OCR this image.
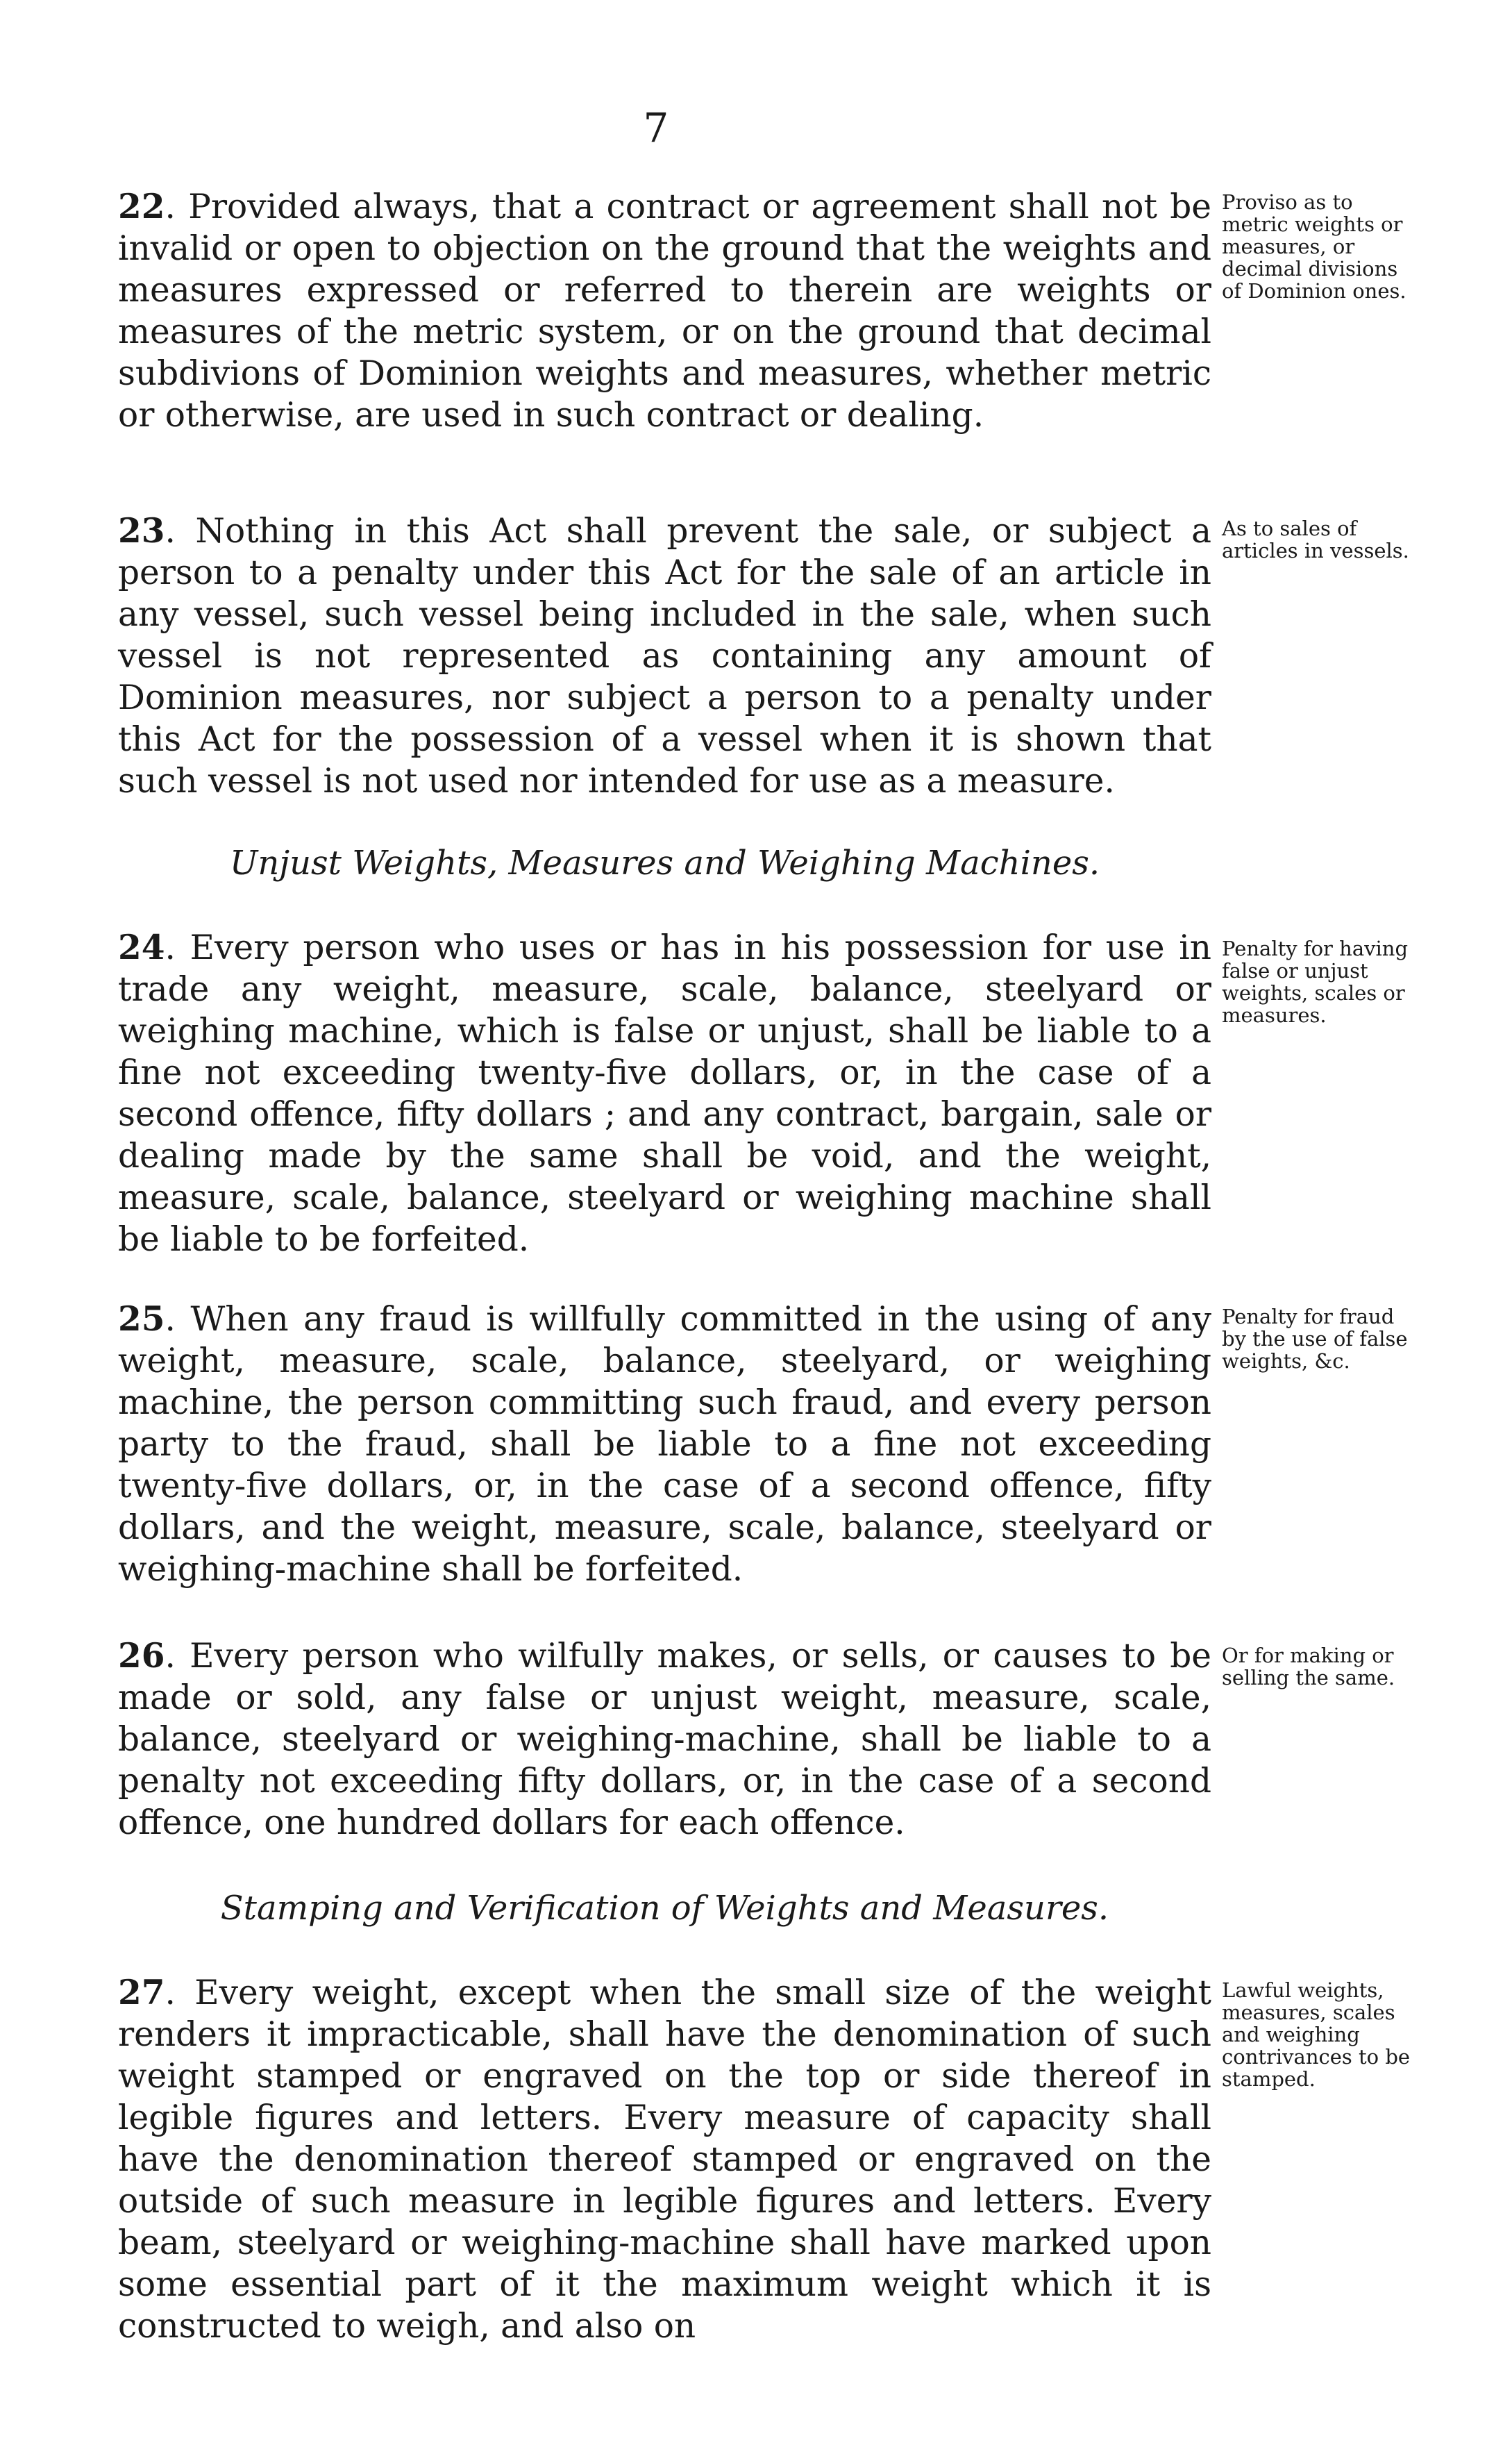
7
22. Provided always, that a contract or agreement shall not be invalid or open to objection on the ground that the weights and measures expressed or referred to therein are weights or measures of the metric system, or on the ground that decimal subdivions of Dominion weights and measures, whether metric or otherwise, are used in such contract or dealing.
Proviso as to metric weights or measures, or decimal divisions of Dominion ones.
23. Nothing in this Act shall prevent the sale, or subject a person to a penalty under this Act for the sale of an article in any vessel, such vessel being included in the sale, when such vessel is not represented as containing any amount of Dominion measures, nor subject a person to a penalty under this Act for the possession of a vessel when it is shown that such vessel is not used nor intended for use as a measure.
As to sales of articles in vessels.
Unjust Weights, Measures and Weighing Machines.
24. Every person who uses or has in his possession for use in trade any weight, measure, scale, balance, steelyard or weighing machine, which is false or unjust, shall be liable to a fine not exceeding twenty-five dollars, or, in the case of a second offence, fifty dollars ; and any contract, bargain, sale or dealing made by the same shall be void, and the weight, measure, scale, balance, steelyard or weighing machine shall be liable to be forfeited.
Penalty for having false or unjust weights, scales or measures.
25. When any fraud is willfully committed in the using of any weight, measure, scale, balance, steelyard, or weighing machine, the person committing such fraud, and every person party to the fraud, shall be liable to a fine not exceeding twenty-five dollars, or, in the case of a second offence, fifty dollars, and the weight, measure, scale, balance, steelyard or weighing-machine shall be forfeited.
Penalty for fraud by the use of false weights, &c.
26. Every person who wilfully makes, or sells, or causes to be made or sold, any false or unjust weight, measure, scale, balance, steelyard or weighing-machine, shall be liable to a penalty not exceeding fifty dollars, or, in the case of a second offence, one hundred dollars for each offence.
Or for making or selling the same.
Stamping and Verification of Weights and Measures.
27. Every weight, except when the small size of the weight renders it impracticable, shall have the denomination of such weight stamped or engraved on the top or side thereof in legible figures and letters. Every measure of capacity shall have the denomination thereof stamped or engraved on the outside of such measure in legible figures and letters. Every beam, steelyard or weighing-machine shall have marked upon some essential part of it the maximum weight which it is constructed to weigh, and also on
Lawful weights, measures, scales and weighing contrivances to be stamped.
